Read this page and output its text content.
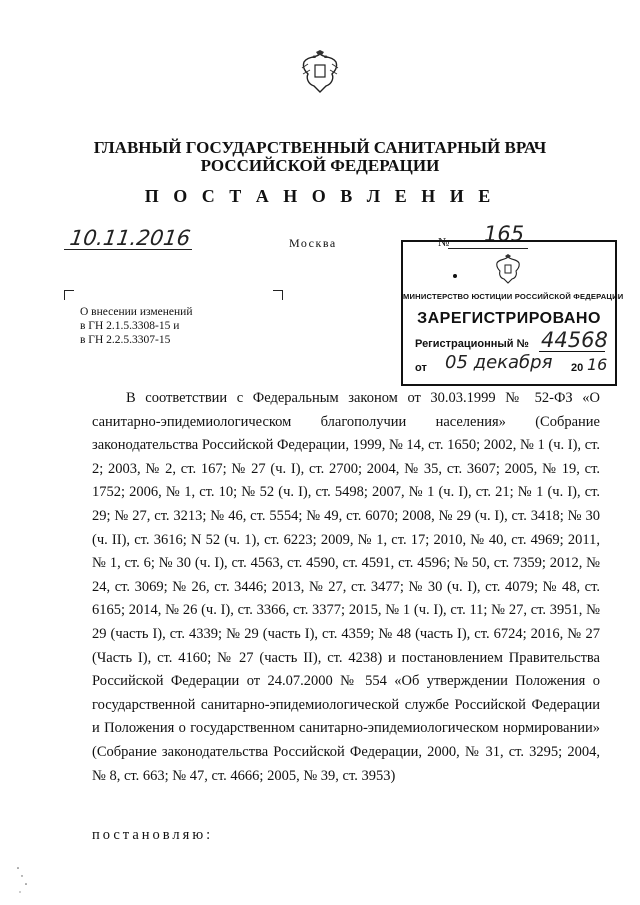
ГЛАВНЫЙ ГОСУДАРСТВЕННЫЙ САНИТАРНЫЙ ВРАЧ
РОССИЙСКОЙ ФЕДЕРАЦИИ
П О С Т А Н О В Л Е Н И Е
10.11.2016	Москва	№ 165
О внесении изменений
в ГН 2.1.5.3308-15 и
в ГН 2.2.5.3307-15
МИНИСТЕРСТВО ЮСТИЦИИ РОССИЙСКОЙ ФЕДЕРАЦИИ
ЗАРЕГИСТРИРОВАНО
Регистрационный № 44568
от 05 декабря 20 16

В соответствии с Федеральным законом от 30.03.1999 № 52-ФЗ «О санитарно-эпидемиологическом благополучии населения» (Собрание законодательства Российской Федерации, 1999, № 14, ст. 1650; 2002, № 1 (ч. I), ст. 2; 2003, № 2, ст. 167; № 27 (ч. I), ст. 2700; 2004, № 35, ст. 3607; 2005, № 19, ст. 1752; 2006, № 1, ст. 10; № 52 (ч. I), ст. 5498; 2007, № 1 (ч. I), ст. 21; № 1 (ч. I), ст. 29; № 27, ст. 3213; № 46, ст. 5554; № 49, ст. 6070; 2008, № 29 (ч. I), ст. 3418; № 30 (ч. II), ст. 3616; N 52 (ч. 1), ст. 6223; 2009, № 1, ст. 17; 2010, № 40, ст. 4969; 2011, № 1, ст. 6; № 30 (ч. I), ст. 4563, ст. 4590, ст. 4591, ст. 4596; № 50, ст. 7359; 2012, № 24, ст. 3069; № 26, ст. 3446; 2013, № 27, ст. 3477; № 30 (ч. I), ст. 4079; № 48, ст. 6165; 2014, № 26 (ч. I), ст. 3366, ст. 3377; 2015, № 1 (ч. I), ст. 11; № 27, ст. 3951, № 29 (часть I), ст. 4339; № 29 (часть I), ст. 4359; № 48 (часть I), ст. 6724; 2016, № 27 (Часть I), ст. 4160; № 27 (часть II), ст. 4238) и постановлением Правительства Российской Федерации от 24.07.2000 № 554 «Об утверждении Положения о государственной санитарно-эпидемиологической службе Российской Федерации и Положения о государственном санитарно-эпидемиологическом нормировании» (Собрание законодательства Российской Федерации, 2000, № 31, ст. 3295; 2004, № 8, ст. 663; № 47, ст. 4666; 2005, № 39, ст. 3953)

постановляю:
